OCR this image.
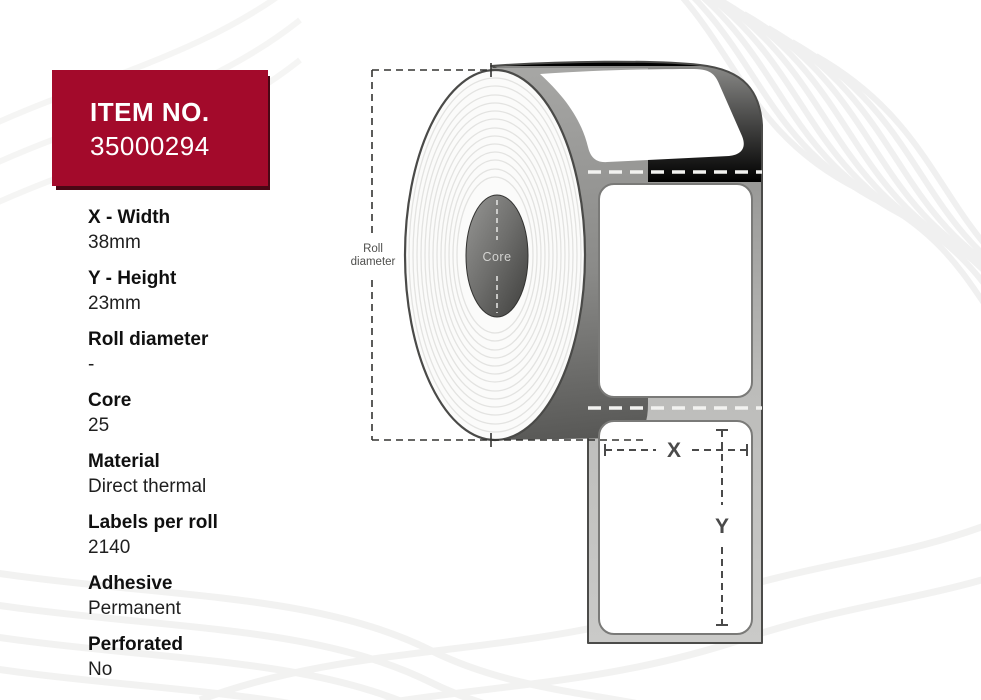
X
Y
Core
Roll
diameter
ITEM NO.
35000294
X - Width
38mm
Y - Height
23mm
Roll diameter
-
Core
25
Material
Direct thermal
Labels per roll
2140
Adhesive
Permanent
Perforated
No
